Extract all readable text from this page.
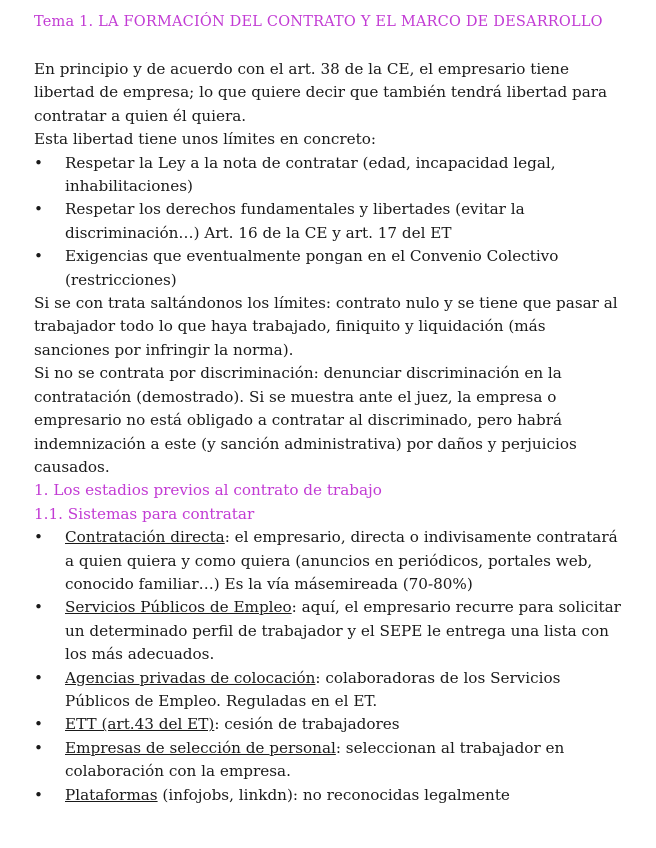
Tema 1. LA FORMACIÓN DEL CONTRATO Y EL MARCO DE DESARROLLO

En principio y de acuerdo con el art. 38 de la CE, el empresario tiene libertad de empresa; lo que quiere decir que también tendrá libertad para contratar a quien él quiera.

Esta libertad tiene unos límites en concreto:

• Respetar la Ley a la nota de contratar (edad, incapacidad legal, inhabilitaciones)
• Respetar los derechos fundamentales y libertades (evitar la discriminación…) Art. 16 de la CE y art. 17 del ET
• Exigencias que eventualmente pongan en el Convenio Colectivo (restricciones)

Si se con trata saltándonos los límites: contrato nulo y se tiene que pasar al trabajador todo lo que haya trabajado, finiquito y liquidación (más sanciones por infringir la norma).

Si no se contrata por discriminación: denunciar discriminación en la contratación (demostrado). Si se muestra ante el juez, la empresa o empresario no está obligado a contratar al discriminado, pero habrá indemnización a este (y sanción administrativa) por daños y perjuicios causados.

1. Los estadios previos al contrato de trabajo

1.1. Sistemas para contratar

• Contratación directa: el empresario, directa o indivisamente contratará a quien quiera y como quiera (anuncios en periódicos, portales web, conocido familiar…) Es la vía másemireada (70-80%)
• Servicios Públicos de Empleo: aquí, el empresario recurre para solicitar un determinado perfil de trabajador y el SEPE le entrega una lista con los más adecuados.
• Agencias privadas de colocación: colaboradoras de los Servicios Públicos de Empleo. Reguladas en el ET.
• ETT (art.43 del ET): cesión de trabajadores
• Empresas de selección de personal: seleccionan al trabajador en colaboración con la empresa.
• Plataformas (infojobs, linkdn): no reconocidas legalmente
